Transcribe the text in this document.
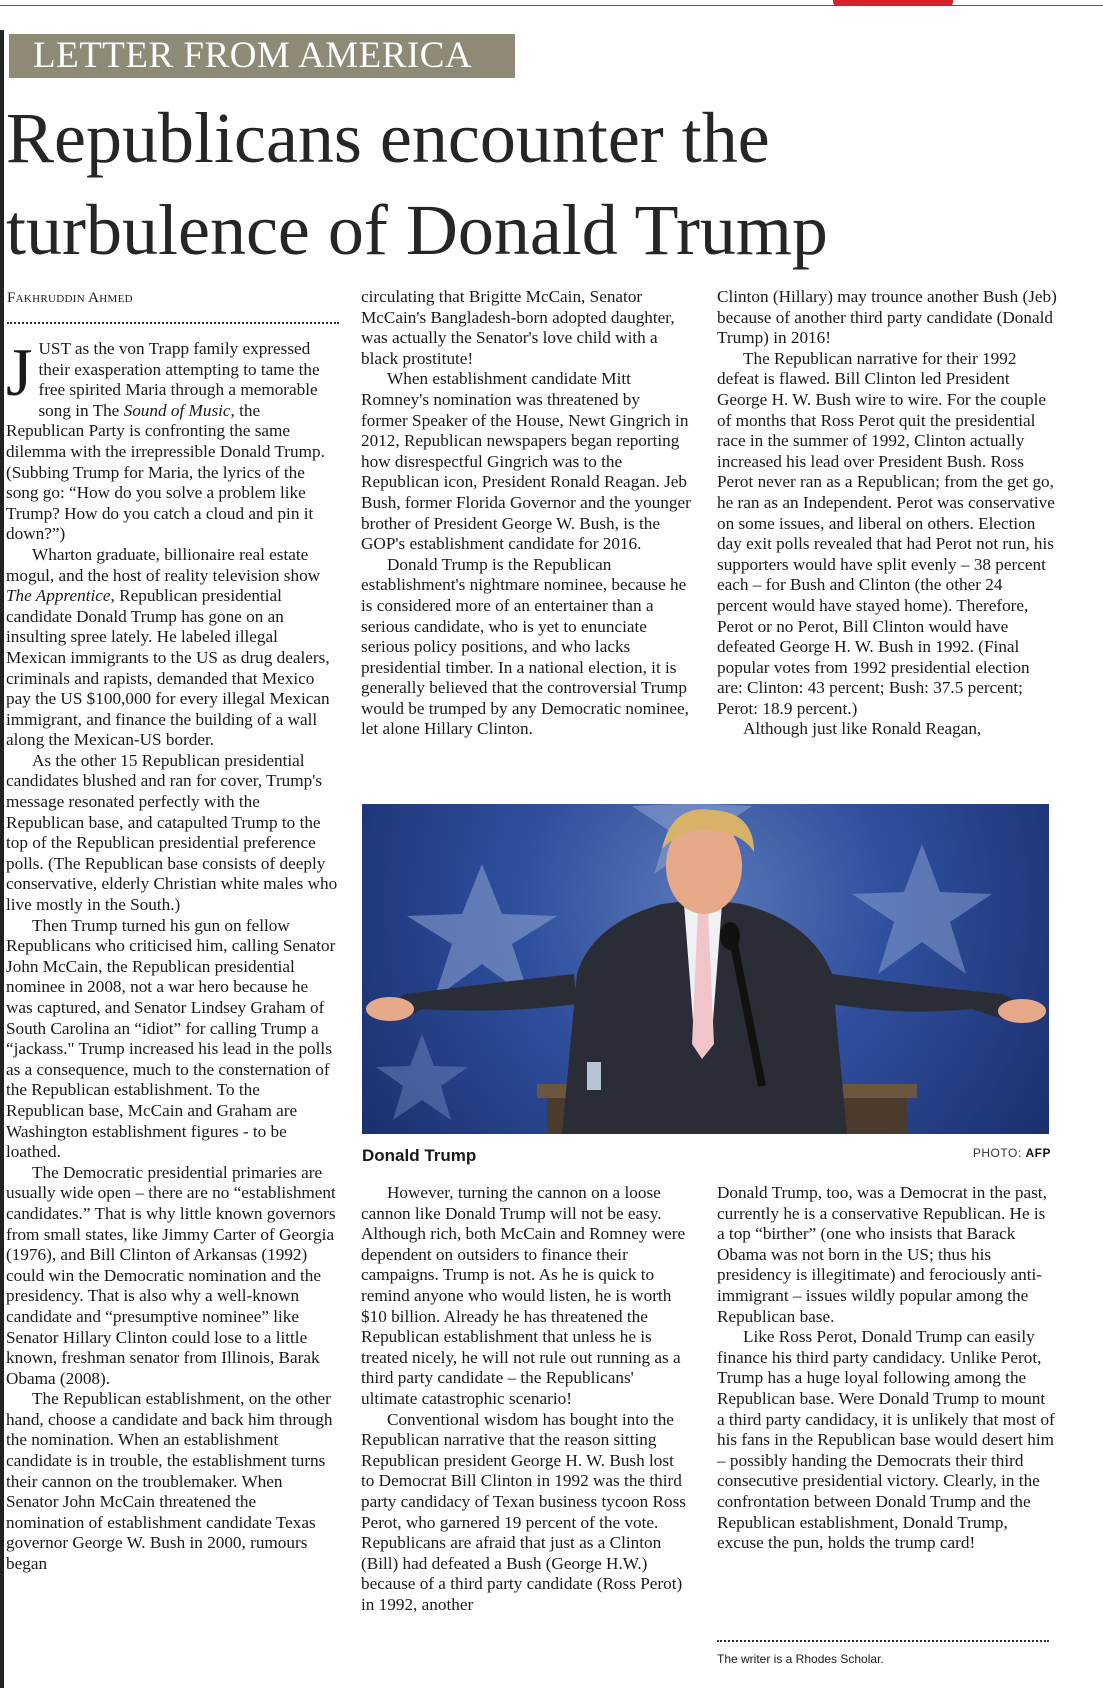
LETTER FROM AMERICA
Republicans encounter the turbulence of Donald Trump
Fakhruddin Ahmed

JUST as the von Trapp family expressed their exasperation attempting to tame the free spirited Maria through a memorable song in The Sound of Music, the Republican Party is confronting the same dilemma with the irrepressible Donald Trump. (Subbing Trump for Maria, the lyrics of the song go: “How do you solve a problem like Trump? How do you catch a cloud and pin it down?”)

Wharton graduate, billionaire real estate mogul, and the host of reality television show The Apprentice, Republican presidential candidate Donald Trump has gone on an insulting spree lately. He labeled illegal Mexican immigrants to the US as drug dealers, criminals and rapists, demanded that Mexico pay the US $100,000 for every illegal Mexican immigrant, and finance the building of a wall along the Mexican-US border.

As the other 15 Republican presidential candidates blushed and ran for cover, Trump's message resonated perfectly with the Republican base, and catapulted Trump to the top of the Republican presidential preference polls. (The Republican base consists of deeply conservative, elderly Christian white males who live mostly in the South.)

Then Trump turned his gun on fellow Republicans who criticised him, calling Senator John McCain, the Republican presidential nominee in 2008, not a war hero because he was captured, and Senator Lindsey Graham of South Carolina an “idiot” for calling Trump a “jackass." Trump increased his lead in the polls as a consequence, much to the consternation of the Republican establishment. To the Republican base, McCain and Graham are Washington establishment figures - to be loathed.

The Democratic presidential primaries are usually wide open – there are no “establishment candidates.” That is why little known governors from small states, like Jimmy Carter of Georgia (1976), and Bill Clinton of Arkansas (1992) could win the Democratic nomination and the presidency. That is also why a well-known candidate and “presumptive nominee” like Senator Hillary Clinton could lose to a little known, freshman senator from Illinois, Barak Obama (2008).

The Republican establishment, on the other hand, choose a candidate and back him through the nomination. When an establishment candidate is in trouble, the establishment turns their cannon on the troublemaker. When Senator John McCain threatened the nomination of establishment candidate Texas governor George W. Bush in 2000, rumours began

circulating that Brigitte McCain, Senator McCain's Bangladesh-born adopted daughter, was actually the Senator's love child with a black prostitute!

When establishment candidate Mitt Romney's nomination was threatened by former Speaker of the House, Newt Gingrich in 2012, Republican newspapers began reporting how disrespectful Gingrich was to the Republican icon, President Ronald Reagan. Jeb Bush, former Florida Governor and the younger brother of President George W. Bush, is the GOP's establishment candidate for 2016.

Donald Trump is the Republican establishment's nightmare nominee, because he is considered more of an entertainer than a serious candidate, who is yet to enunciate serious policy positions, and who lacks presidential timber. In a national election, it is generally believed that the controversial Trump would be trumped by any Democratic nominee, let alone Hillary Clinton.

Clinton (Hillary) may trounce another Bush (Jeb) because of another third party candidate (Donald Trump) in 2016!

The Republican narrative for their 1992 defeat is flawed. Bill Clinton led President George H. W. Bush wire to wire. For the couple of months that Ross Perot quit the presidential race in the summer of 1992, Clinton actually increased his lead over President Bush. Ross Perot never ran as a Republican; from the get go, he ran as an Independent. Perot was conservative on some issues, and liberal on others. Election day exit polls revealed that had Perot not run, his supporters would have split evenly – 38 percent each – for Bush and Clinton (the other 24 percent would have stayed home). Therefore, Perot or no Perot, Bill Clinton would have defeated George H. W. Bush in 1992. (Final popular votes from 1992 presidential election are: Clinton: 43 percent; Bush: 37.5 percent; Perot: 18.9 percent.)

Although just like Ronald Reagan,

Donald Trump	PHOTO: AFP

However, turning the cannon on a loose cannon like Donald Trump will not be easy. Although rich, both McCain and Romney were dependent on outsiders to finance their campaigns. Trump is not. As he is quick to remind anyone who would listen, he is worth $10 billion. Already he has threatened the Republican establishment that unless he is treated nicely, he will not rule out running as a third party candidate – the Republicans' ultimate catastrophic scenario!

Conventional wisdom has bought into the Republican narrative that the reason sitting Republican president George H. W. Bush lost to Democrat Bill Clinton in 1992 was the third party candidacy of Texan business tycoon Ross Perot, who garnered 19 percent of the vote. Republicans are afraid that just as a Clinton (Bill) had defeated a Bush (George H.W.) because of a third party candidate (Ross Perot) in 1992, another

Donald Trump, too, was a Democrat in the past, currently he is a conservative Republican. He is a top “birther” (one who insists that Barack Obama was not born in the US; thus his presidency is illegitimate) and ferociously anti-immigrant – issues wildly popular among the Republican base.

Like Ross Perot, Donald Trump can easily finance his third party candidacy. Unlike Perot, Trump has a huge loyal following among the Republican base. Were Donald Trump to mount a third party candidacy, it is unlikely that most of his fans in the Republican base would desert him – possibly handing the Democrats their third consecutive presidential victory. Clearly, in the confrontation between Donald Trump and the Republican establishment, Donald Trump, excuse the pun, holds the trump card!

The writer is a Rhodes Scholar.
